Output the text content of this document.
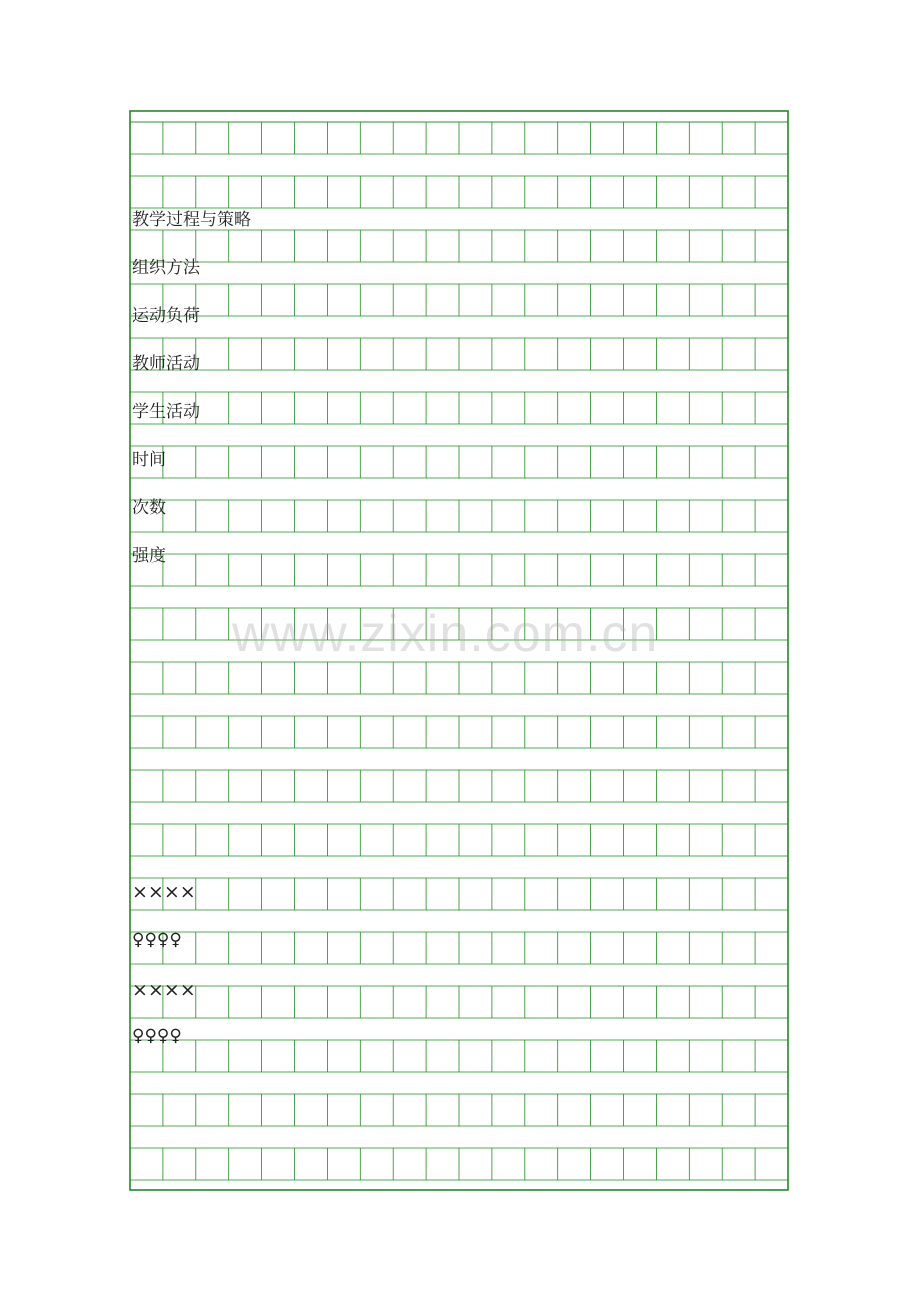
www.zixin.com.cn
教学过程与策略
组织方法
运动负荷
教师活动
学生活动
时间
次数
强度
××××
♀♀♀♀
××××
♀♀♀♀
